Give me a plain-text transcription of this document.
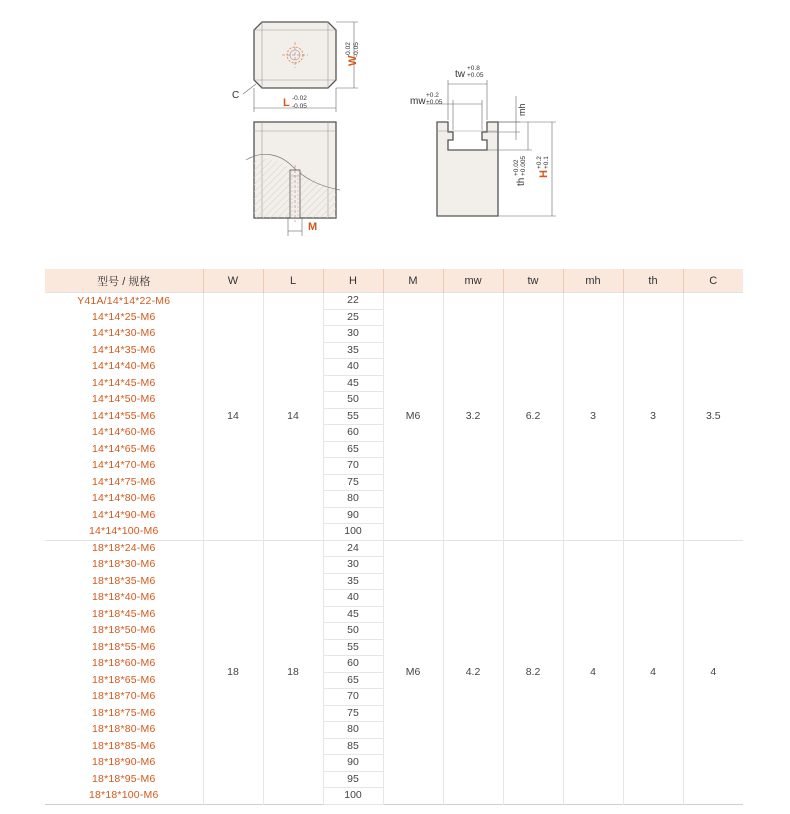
C
L -0.02
-0.05
W
-0.02 -0.05
M
tw
+0.8
+0.05
mw
+0.2
+0.05
mh
th
+0.02 +0.005 H
+0.2 +0.1
型号 / 规格	W	L	H	M	mw	tw	mh	th	C
Y41A/14*14*22-M6	14	14	22	M6	3.2	6.2	3	3	3.5
14*14*25-M6			25						
14*14*30-M6			30						
14*14*35-M6			35						
14*14*40-M6			40						
14*14*45-M6			45						
14*14*50-M6			50						
14*14*55-M6			55						
14*14*60-M6			60						
14*14*65-M6			65						
14*14*70-M6			70						
14*14*75-M6			75						
14*14*80-M6			80						
14*14*90-M6			90						
14*14*100-M6			100						
18*18*24-M6	18	18	24	M6	4.2	8.2	4	4	4
18*18*30-M6			30						
18*18*35-M6			35						
18*18*40-M6			40						
18*18*45-M6			45						
18*18*50-M6			50						
18*18*55-M6			55						
18*18*60-M6			60						
18*18*65-M6			65						
18*18*70-M6			70						
18*18*75-M6			75						
18*18*80-M6			80						
18*18*85-M6			85						
18*18*90-M6			90						
18*18*95-M6			95						
18*18*100-M6			100						
